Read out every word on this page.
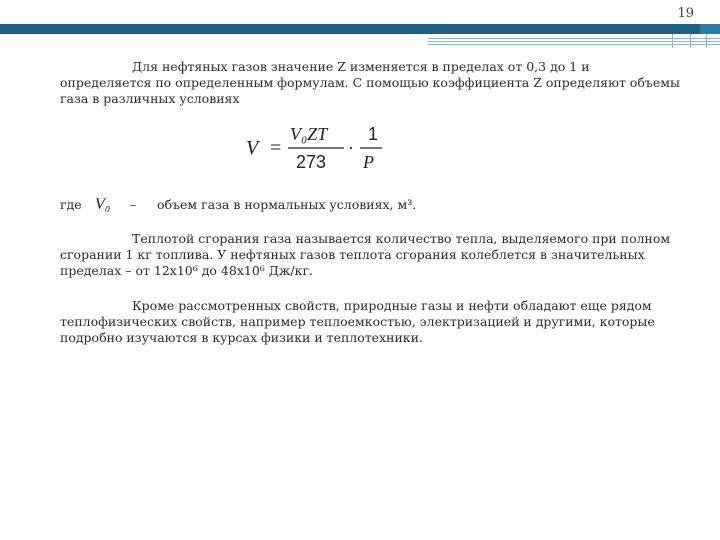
19

Для нефтяных газов значение Z изменяется в пределах от 0,3 до 1 и определяется по определенным формулам. С помощью коэффициента Z определяют объемы газа в различных условиях

V =
V₀ZT
273
·
1
P
где V₀ – объем газа в нормальных условиях, м³.

Теплотой сгорания газа называется количество тепла, выделяемого при полном сгорании 1 кг топлива. У нефтяных газов теплота сгорания колеблется в значительных пределах – от 12х10⁶ до 48х10⁶ Дж/кг.

Кроме рассмотренных свойств, природные газы и нефти обладают еще рядом теплофизических свойств, например теплоемкостью, электризацией и другими, которые подробно изучаются в курсах физики и теплотехники.
